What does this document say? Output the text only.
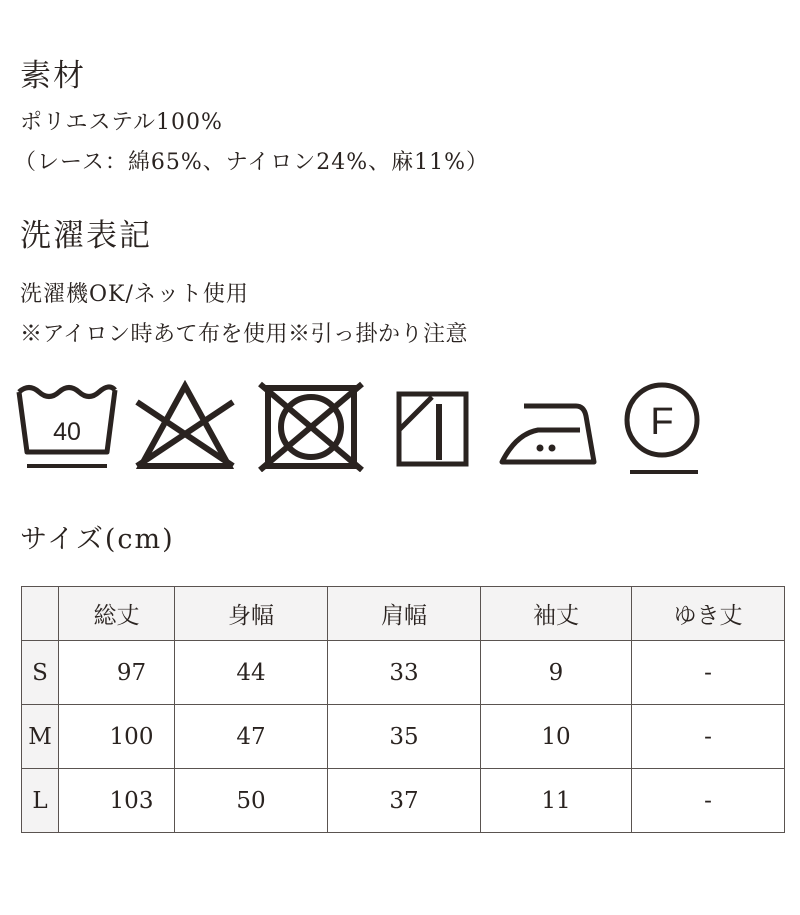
素材
ポリエステル100%
（レース：綿65%、ナイロン24%、麻11%）
洗濯表記
洗濯機OK/ネット使用
※アイロン時あて布を使用※引っ掛かり注意
40	F
サイズ(cm)
	総丈	身幅	肩幅	袖丈	ゆき丈
S	97	44	33	9	-
M	100	47	35	10	-
L	103	50	37	11	-
